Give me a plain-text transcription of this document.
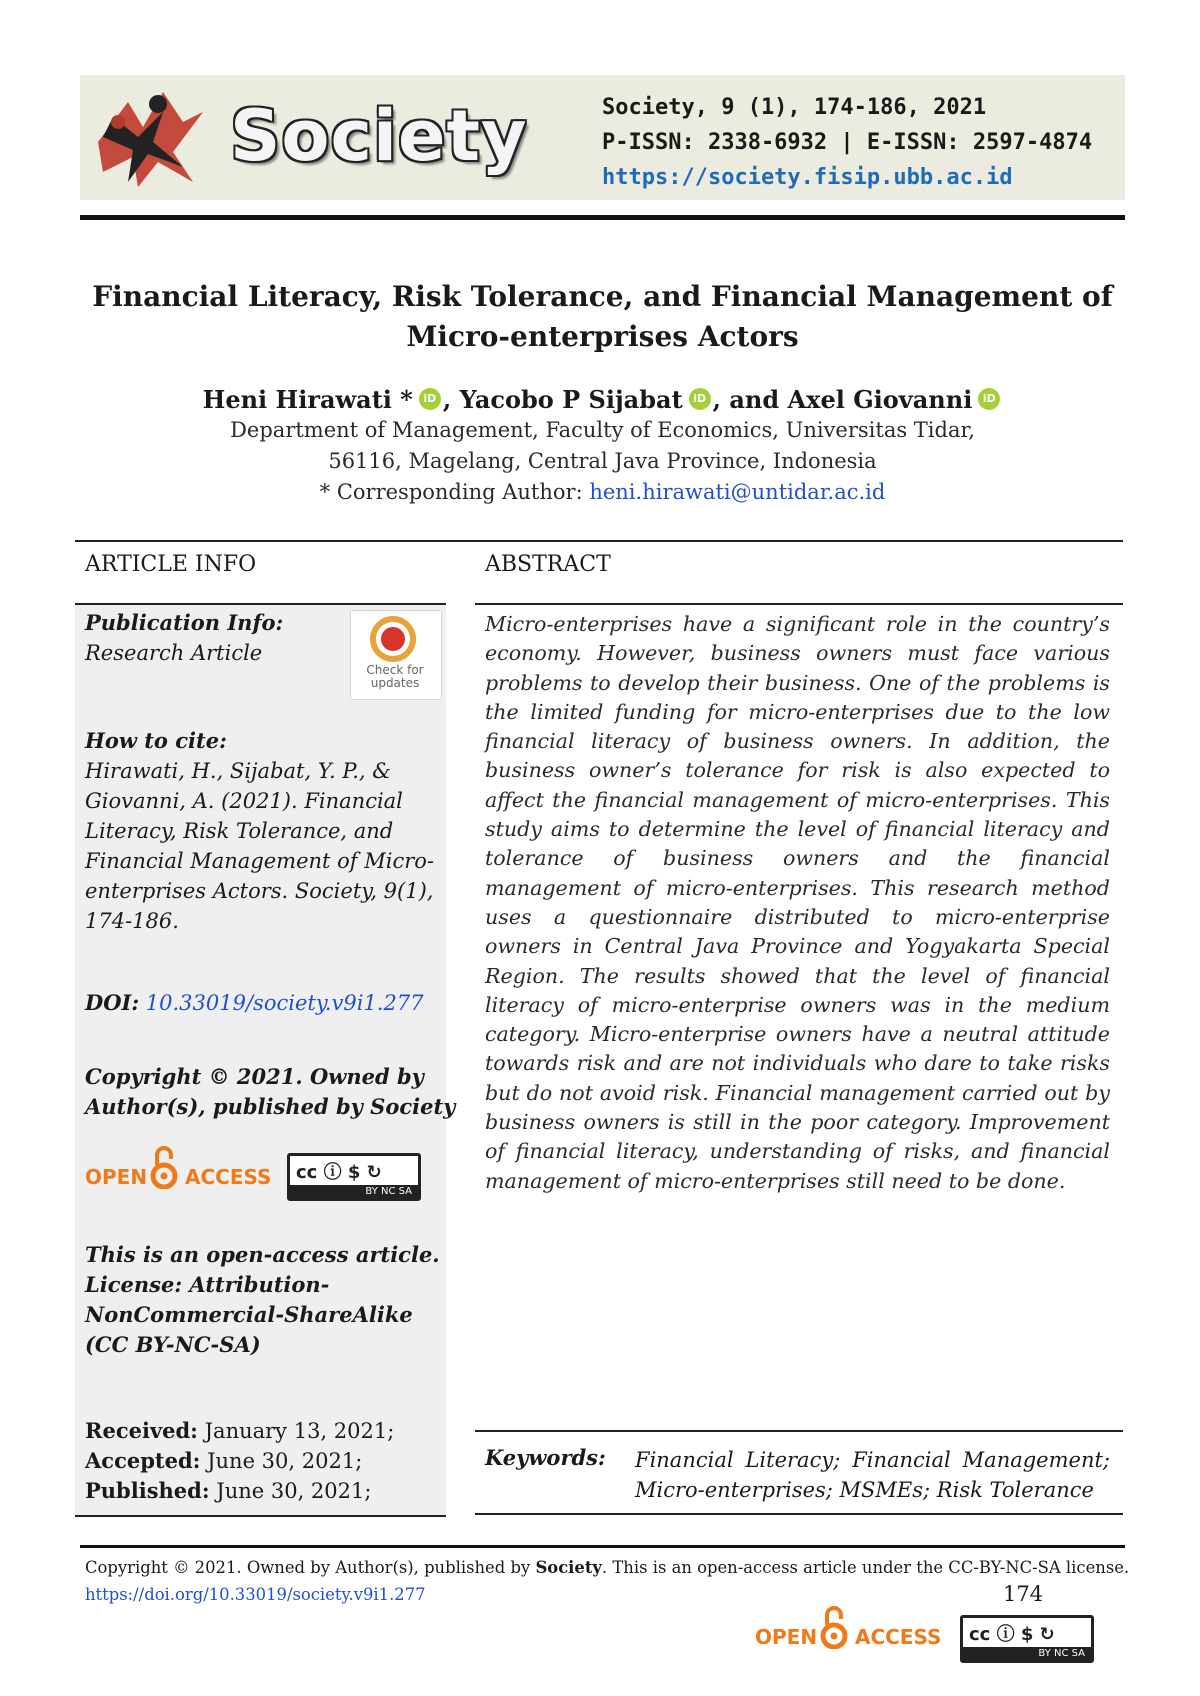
Society	Society, 9 (1), 174-186, 2021
P-ISSN: 2338-6932 | E-ISSN: 2597-4874
https://society.fisip.ubb.ac.id
Financial Literacy, Risk Tolerance, and Financial Management of
Micro-enterprises Actors
Heni Hirawati * iD , Yacobo P Sijabat iD , and Axel Giovanni iD
Department of Management, Faculty of Economics, Universitas Tidar,
56116, Magelang, Central Java Province, Indonesia
* Corresponding Author: heni.hirawati@untidar.ac.id
ARTICLE INFO	ABSTRACT
Publication Info:
Research Article
Check for updates
How to cite:
Hirawati, H., Sijabat, Y. P., &
Giovanni, A. (2021). Financial
Literacy, Risk Tolerance, and
Financial Management of Micro-
enterprises Actors. Society, 9(1),
174-186.
DOI: 10.33019/society.v9i1.277
Copyright © 2021. Owned by
Author(s), published by Society
OPEN ACCESS cc ⓘ $ ↻
BY NC SA
This is an open-access article.
License: Attribution-
NonCommercial-ShareAlike
(CC BY-NC-SA)
Received: January 13, 2021;
Accepted: June 30, 2021;
Published: June 30, 2021;
Micro-enterprises have a significant role in the country’s economy. However, business owners must face various problems to develop their business. One of the problems is the limited funding for micro-enterprises due to the low financial literacy of business owners. In addition, the business owner’s tolerance for risk is also expected to affect the financial management of micro-enterprises. This study aims to determine the level of financial literacy and tolerance of business owners and the financial management of micro-enterprises. This research method uses a questionnaire distributed to micro-enterprise owners in Central Java Province and Yogyakarta Special Region. The results showed that the level of financial literacy of micro-enterprise owners was in the medium category. Micro-enterprise owners have a neutral attitude towards risk and are not individuals who dare to take risks but do not avoid risk. Financial management carried out by business owners is still in the poor category. Improvement of financial literacy, understanding of risks, and financial management of micro-enterprises still need to be done.
Keywords: Financial Literacy; Financial Management; Micro-enterprises; MSMEs; Risk Tolerance
Copyright © 2021. Owned by Author(s), published by Society. This is an open-access article under the CC-BY-NC-SA license.
https://doi.org/10.33019/society.v9i1.277	174
OPEN ACCESS cc ⓘ $ ↻
BY NC SA
